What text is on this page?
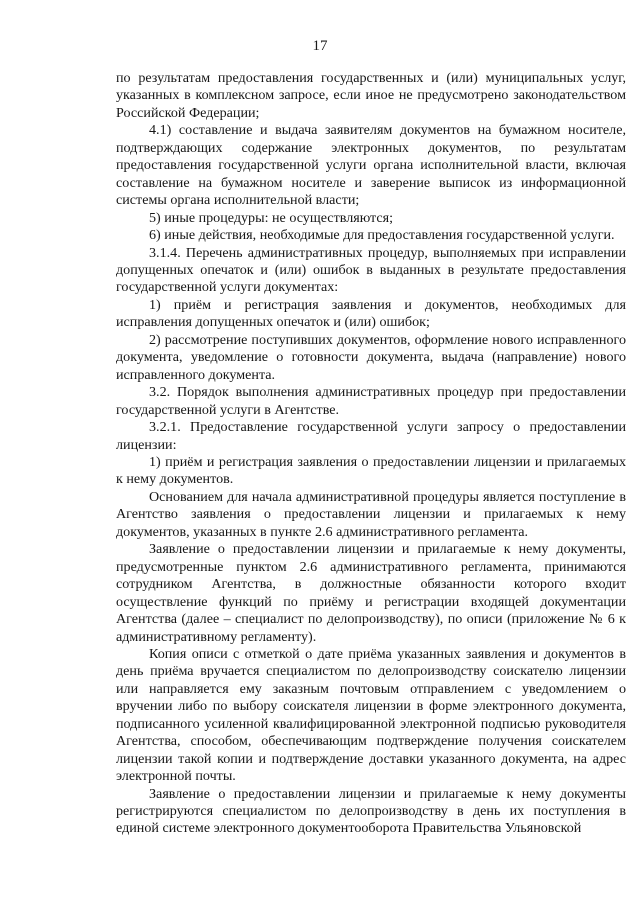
17

по результатам предоставления государственных и (или) муниципальных услуг, указанных в комплексном запросе, если иное не предусмотрено законодательством Российской Федерации;

4.1) составление и выдача заявителям документов на бумажном носителе, подтверждающих содержание электронных документов, по результатам предоставления государственной услуги органа исполнительной власти, включая составление на бумажном носителе и заверение выписок из информационной системы органа исполнительной власти;

5) иные процедуры: не осуществляются;

6) иные действия, необходимые для предоставления государственной услуги.

3.1.4. Перечень административных процедур, выполняемых при исправлении допущенных опечаток и (или) ошибок в выданных в результате предоставления государственной услуги документах:

1) приём и регистрация заявления и документов, необходимых для исправления допущенных опечаток и (или) ошибок;

2) рассмотрение поступивших документов, оформление нового исправленного документа, уведомление о готовности документа, выдача (направление) нового исправленного документа.

3.2. Порядок выполнения административных процедур при предоставлении государственной услуги в Агентстве.

3.2.1. Предоставление государственной услуги запросу о предоставлении лицензии:

1) приём и регистрация заявления о предоставлении лицензии и прилагаемых к нему документов.

Основанием для начала административной процедуры является поступление в Агентство заявления о предоставлении лицензии и прилагаемых к нему документов, указанных в пункте 2.6 административного регламента.

Заявление о предоставлении лицензии и прилагаемые к нему документы, предусмотренные пунктом 2.6 административного регламента, принимаются сотрудником Агентства, в должностные обязанности которого входит осуществление функций по приёму и регистрации входящей документации Агентства (далее – специалист по делопроизводству), по описи (приложение № 6 к административному регламенту).

Копия описи с отметкой о дате приёма указанных заявления и документов в день приёма вручается специалистом по делопроизводству соискателю лицензии или направляется ему заказным почтовым отправлением с уведомлением о вручении либо по выбору соискателя лицензии в форме электронного документа, подписанного усиленной квалифицированной электронной подписью руководителя Агентства, способом, обеспечивающим подтверждение получения соискателем лицензии такой копии и подтверждение доставки указанного документа, на адрес электронной почты.

Заявление о предоставлении лицензии и прилагаемые к нему документы регистрируются специалистом по делопроизводству в день их поступления в единой системе электронного документооборота Правительства Ульяновской
